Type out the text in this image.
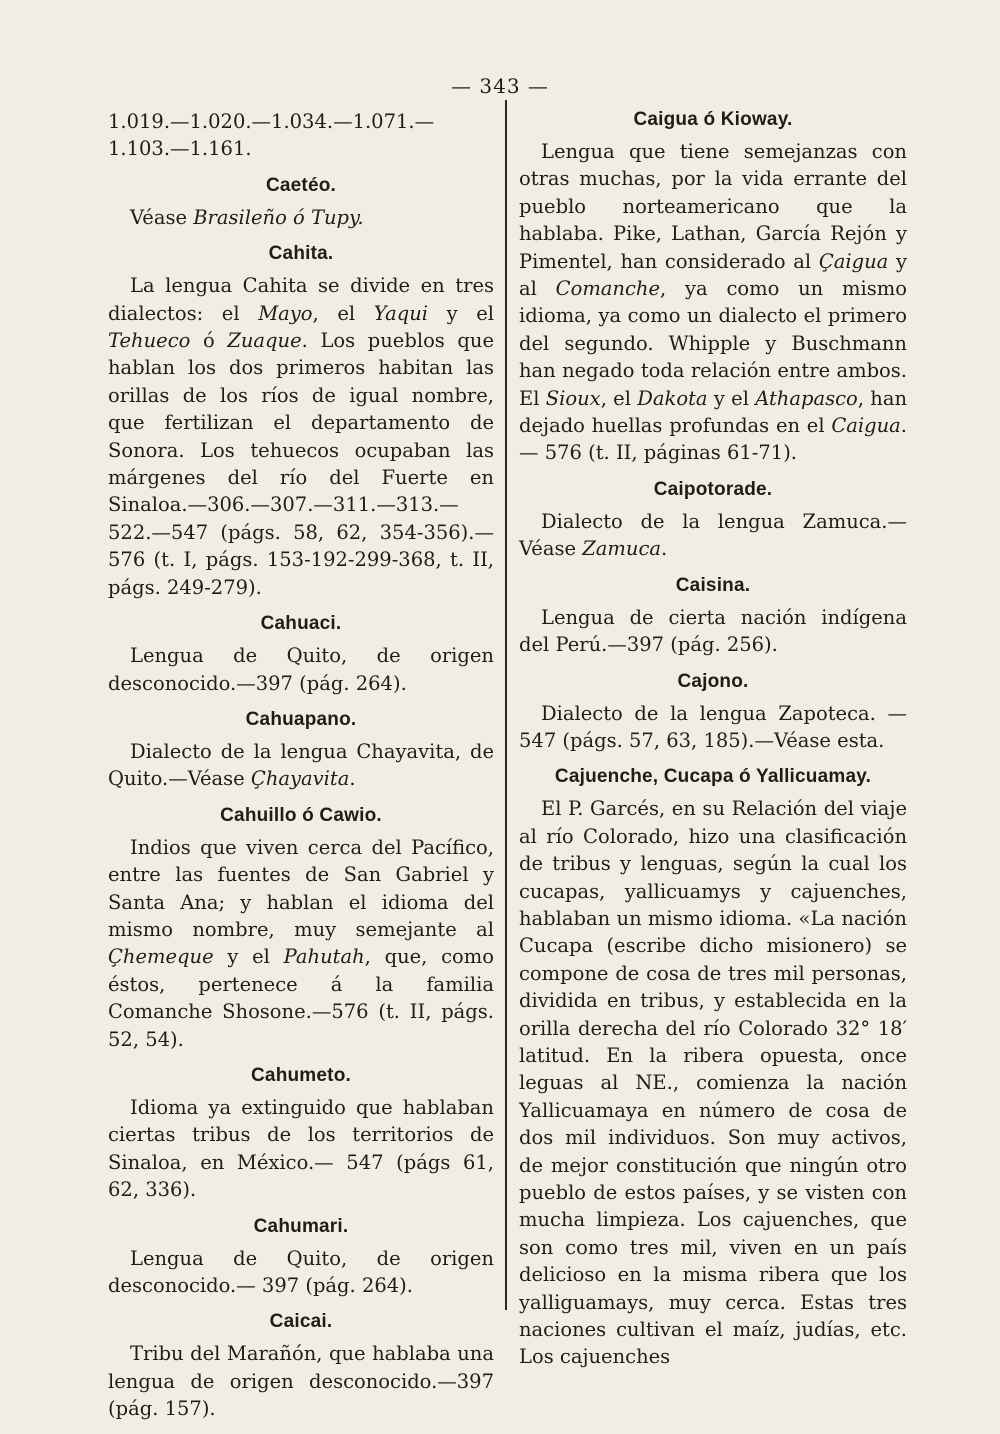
— 343 —

1.019.—1.020.—1.034.—1.071.—1.103.—1.161.

Caetéo.

Véase Brasileño ó Tupy.

Cahita.

La lengua Cahita se divide en tres dialectos: el Mayo, el Yaqui y el Tehueco ó Zuaque. Los pueblos que hablan los dos primeros habitan las orillas de los ríos de igual nombre, que fertilizan el departamento de Sonora. Los tehuecos ocupaban las márgenes del río del Fuerte en Sinaloa.—306.—307.—311.—313.—522.—547 (págs. 58, 62, 354-356).—576 (t. I, págs. 153-192-299-368, t. II, págs. 249-279).

Cahuaci.

Lengua de Quito, de origen desconocido.—397 (pág. 264).

Cahuapano.

Dialecto de la lengua Chayavita, de Quito.—Véase Çhayavita.

Cahuillo ó Cawio.

Indios que viven cerca del Pacífico, entre las fuentes de San Gabriel y Santa Ana; y hablan el idioma del mismo nombre, muy semejante al Çhemeque y el Pahutah, que, como éstos, pertenece á la familia Comanche Shosone.—576 (t. II, págs. 52, 54).

Cahumeto.

Idioma ya extinguido que hablaban ciertas tribus de los territorios de Sinaloa, en México.— 547 (págs 61, 62, 336).

Cahumari.

Lengua de Quito, de origen desconocido.— 397 (pág. 264).

Caicai.

Tribu del Marañón, que hablaba una lengua de origen desconocido.—397 (pág. 157).

Caigua ó Kioway.

Lengua que tiene semejanzas con otras muchas, por la vida errante del pueblo norteamericano que la hablaba. Pike, Lathan, García Rejón y Pimentel, han considerado al Çaigua y al Comanche, ya como un mismo idioma, ya como un dialecto el primero del segundo. Whipple y Buschmann han negado toda relación entre ambos. El Sioux, el Dakota y el Athapasco, han dejado huellas profundas en el Caigua. — 576 (t. II, páginas 61-71).

Caipotorade.

Dialecto de la lengua Zamuca.—Véase Zamuca.

Caisina.

Lengua de cierta nación indígena del Perú.—397 (pág. 256).

Cajono.

Dialecto de la lengua Zapoteca. — 547 (págs. 57, 63, 185).—Véase esta.

Cajuenche, Cucapa ó Yallicuamay.

El P. Garcés, en su Relación del viaje al río Colorado, hizo una clasificación de tribus y lenguas, según la cual los cucapas, yallicuamys y cajuenches, hablaban un mismo idioma. «La nación Cucapa (escribe dicho misionero) se compone de cosa de tres mil personas, dividida en tribus, y establecida en la orilla derecha del río Colorado 32° 18′ latitud. En la ribera opuesta, once leguas al NE., comienza la nación Yallicuamaya en número de cosa de dos mil individuos. Son muy activos, de mejor constitución que ningún otro pueblo de estos países, y se visten con mucha limpieza. Los cajuenches, que son como tres mil, viven en un país delicioso en la misma ribera que los yalliguamays, muy cerca. Estas tres naciones cultivan el maíz, judías, etc. Los cajuenches
